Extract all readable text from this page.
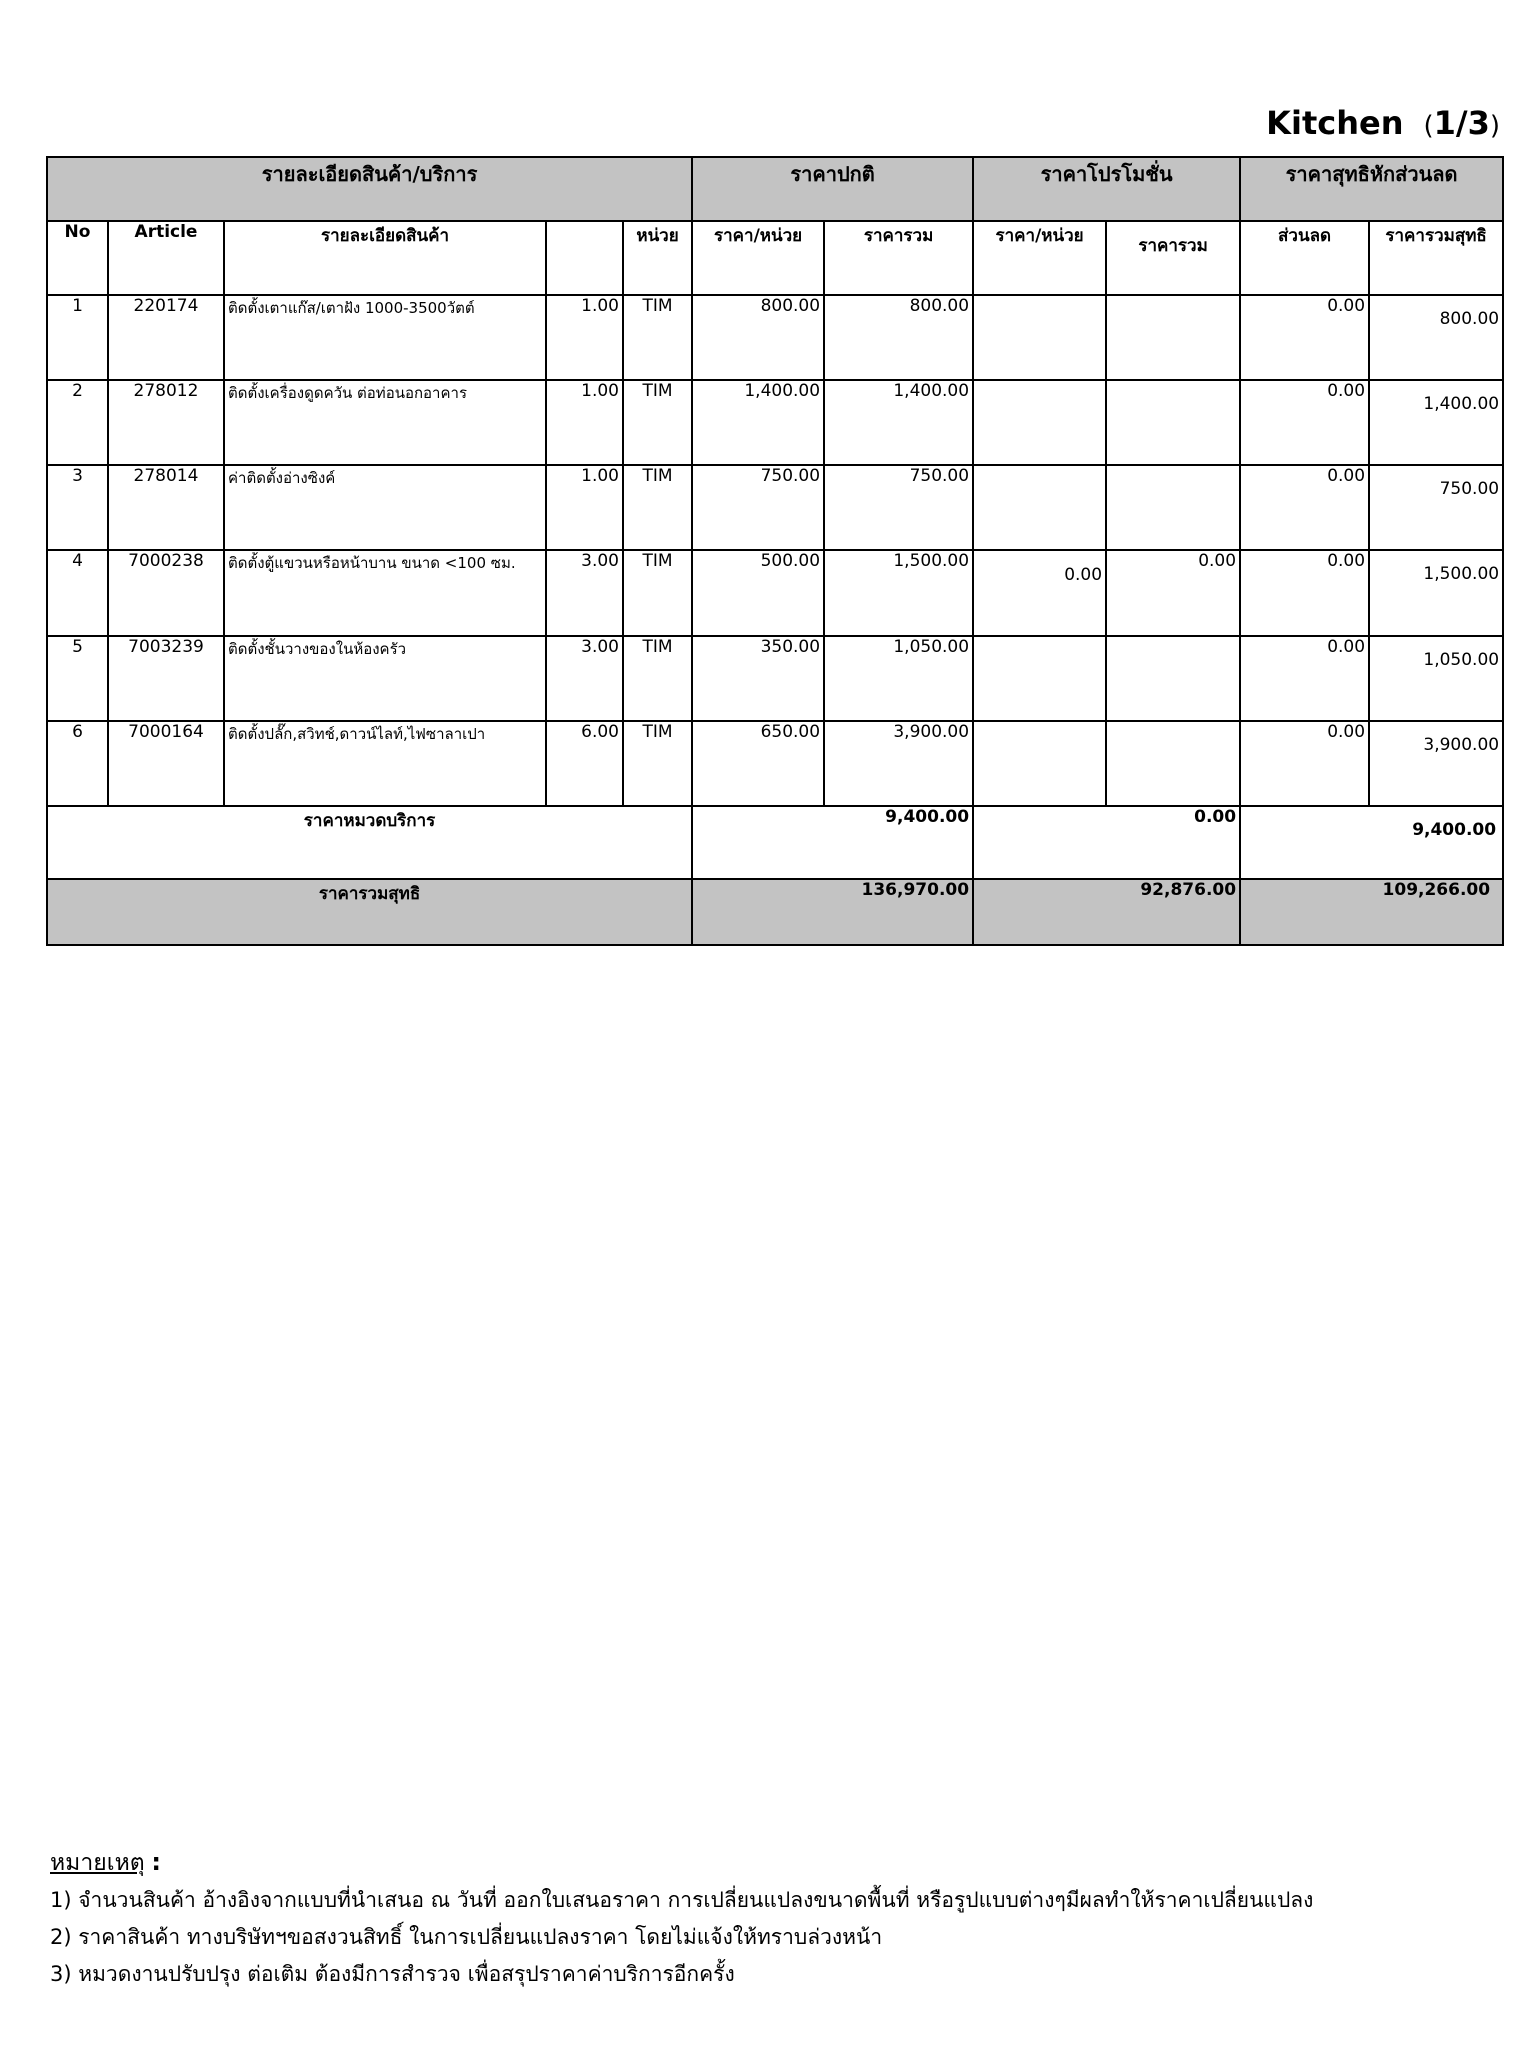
Kitchen (1/3)
รายละเอียดสินค้า/บริการ					ราคาปกติ		ราคาโปรโมชั่น		ราคาสุทธิหักส่วนลด	
No	Article	รายละเอียดสินค้า		หน่วย	ราคา/หน่วย	ราคารวม	ราคา/หน่วย	ราคารวม	ส่วนลด	ราคารวมสุทธิ
1	220174	ติดตั้งเตาแก๊ส/เตาฝัง 1000-3500วัตต์	1.00	TIM	800.00	800.00			0.00	800.00
2	278012	ติดตั้งเครื่องดูดควัน ต่อท่อนอกอาคาร	1.00	TIM	1,400.00	1,400.00			0.00	1,400.00
3	278014	ค่าติดตั้งอ่างซิงค์	1.00	TIM	750.00	750.00			0.00	750.00
4	7000238	ติดตั้งตู้แขวนหรือหน้าบาน ขนาด <100 ซม.	3.00	TIM	500.00	1,500.00	0.00	0.00	0.00	1,500.00
5	7003239	ติดตั้งชั้นวางของในห้องครัว	3.00	TIM	350.00	1,050.00			0.00	1,050.00
6	7000164	ติดตั้งปลั๊ก,สวิทช์,ดาวน์ไลท์,ไฟซาลาเปา	6.00	TIM	650.00	3,900.00			0.00	3,900.00
ราคาหมวดบริการ					9,400.00		0.00		9,400.00	
ราคารวมสุทธิ					136,970.00		92,876.00		109,266.00	
หมายเหตุ :
1) จำนวนสินค้า อ้างอิงจากแบบที่นำเสนอ ณ วันที่ ออกใบเสนอราคา การเปลี่ยนแปลงขนาดพื้นที่ หรือรูปแบบต่างๆมีผลทำให้ราคาเปลี่ยนแปลง
2) ราคาสินค้า ทางบริษัทฯขอสงวนสิทธิ์ ในการเปลี่ยนแปลงราคา โดยไม่แจ้งให้ทราบล่วงหน้า
3) หมวดงานปรับปรุง ต่อเติม ต้องมีการสำรวจ เพื่อสรุปราคาค่าบริการอีกครั้ง
